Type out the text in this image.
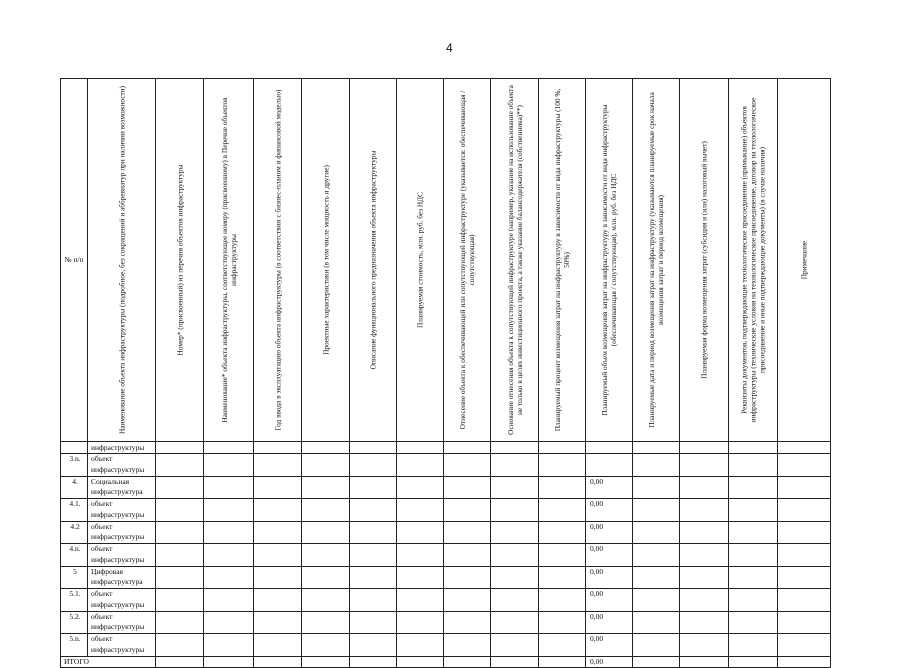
4
№ п/п	Наименование объекта инфраструктуры (подробное, без сокращений и аббревиатур при наличии возможности)	Номер* (присвоенный) из перечня объектов инфраструктуры	Наименование* объекта инфраструктуры, соответствующее номеру (присвоенному) в Перечне объектов инфраструктуры	Год ввода в эксплуатацию объекта инфраструктуры (в соответствии с бизнес-планом и финансовой моделью)	Проектные характеристики (в том числе мощность и другие)	Описание функционального предназначения объекта инфраструктуры	Планируемая стоимость, млн. руб. без НДС	Отнесение объекта к обеспечивающей или сопутствующей инфраструктуре (указывается: обеспечивающая / сопутствующая)	Основание отнесения объекта к сопутствующей инфраструктуре (например, указание на использование объекта не только в целях инвестиционного проекта, а также указание балансодержателя (собственника)**)	Планируемый процент возмещения затрат на инфраструктуру в зависимости от вида инфраструктуры (100 %, 50%)	Планируемый объем возмещения затрат на инфраструктуру в зависимости от вида инфраструктуры (обеспечивающая / сопутствующая), млн. руб. без НДС	Планируемые дата и период возмещения затрат на инфраструктуру (указываются планируемые срок начала возмещения затрат и период возмещения)	Планируемая форма возмещения затрат (субсидия и (или) налоговый вычет)	Реквизиты документов, подтверждающие технологическое присоединение (примыкание) объектов инфраструктуры (технические условия на технологическое присоединение, договор на технологическое присоединение и иные подтверждающие документы) (в случае наличия)	Примечание

	инфраструктуры														
3.n.	объект инфраструктуры														
4.	Социальная инфраструктура										0,00				
4.1.	объект инфраструктуры										0,00				
4.2	объект инфраструктуры										0,00				
4.n.	объект инфраструктуры										0,00				
5	Цифровая инфраструктура										0,00				
5.1.	объект инфраструктуры										0,00				
5.2.	объект инфраструктуры										0,00				
5.n.	объект инфраструктуры										0,00				
ИТОГО											0,00				
